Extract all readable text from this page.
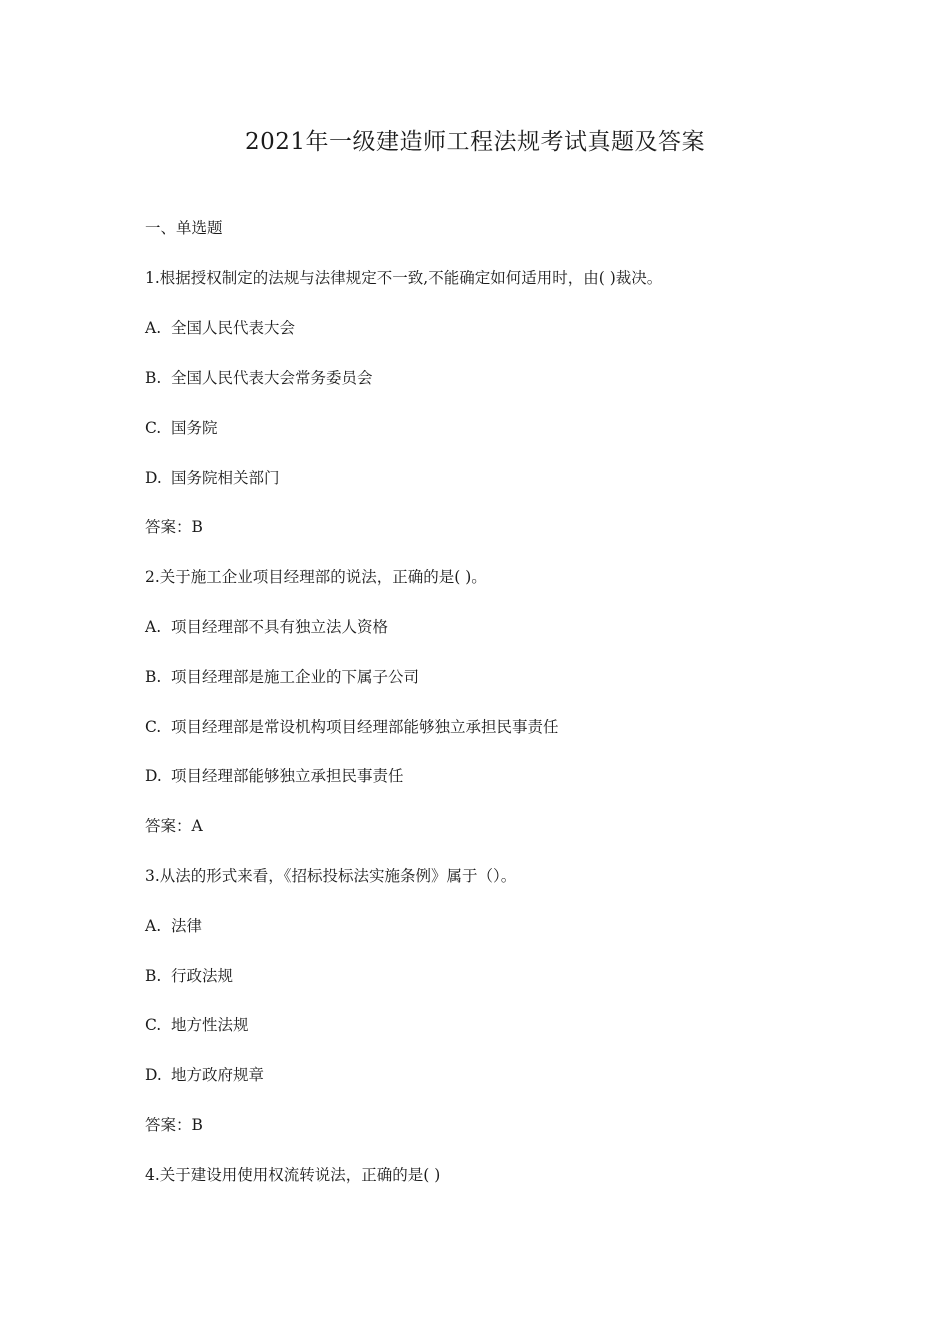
2021年一级建造师工程法规考试真题及答案
一、单选题
1.根据授权制定的法规与法律规定不一致,不能确定如何适用时，由( )裁决。
A. 全国人民代表大会
B. 全国人民代表大会常务委员会
C. 国务院
D. 国务院相关部门
答案：B
2.关于施工企业项目经理部的说法，正确的是( )。
A. 项目经理部不具有独立法人资格
B. 项目经理部是施工企业的下属子公司
C. 项目经理部是常设机构项目经理部能够独立承担民事责任
D. 项目经理部能够独立承担民事责任
答案：A
3.从法的形式来看，《招标投标法实施条例》属于（）。
A. 法律
B. 行政法规
C. 地方性法规
D. 地方政府规章
答案：B
4.关于建设用使用权流转说法，正确的是( )
